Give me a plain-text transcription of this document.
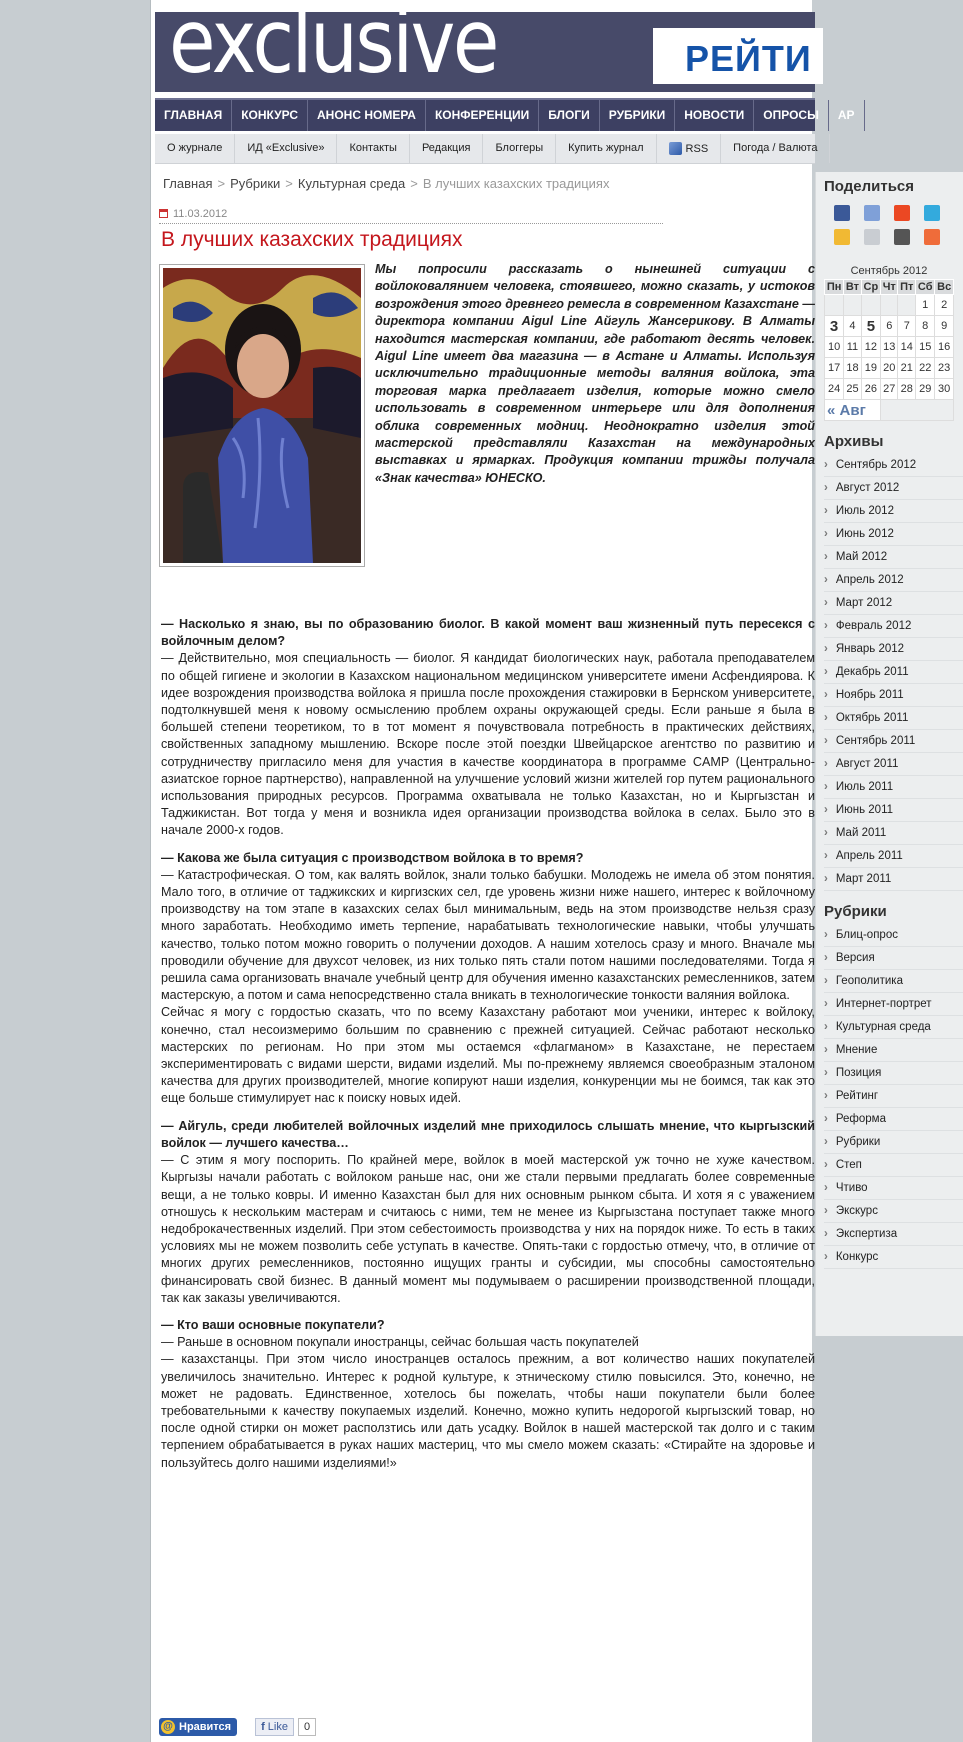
exclusive	РЕЙТИ
ГЛАВНАЯ	КОНКУРС	АНОНС НОМЕРА	КОНФЕРЕНЦИИ	БЛОГИ	РУБРИКИ	НОВОСТИ	ОПРОСЫ	АР
О журнале	ИД «Exclusive»	Контакты	Редакция	Блоггеры	Купить журнал	RSS	Погода / Валюта
Главная > Рубрики > Культурная среда > В лучших казахских традициях
11.03.2012
В лучших казахских традициях
Мы попросили рассказать о нынешней ситуации с войлоковалянием человека, стоявшего, можно сказать, у истоков возрождения этого древнего ремесла в современном Казахстане — директора компании Aigul Line Айгуль Жансерикову. В Алматы находится мастерская компании, где работают десять человек. Aigul Line имеет два магазина — в Астане и Алматы. Используя исключительно традиционные методы валяния войлока, эта торговая марка предлагает изделия, которые можно смело использовать в современном интерьере или для дополнения облика современных модниц. Неоднократно изделия этой мастерской представляли Казахстан на международных выставках и ярмарках. Продукция компании трижды получала «Знак качества» ЮНЕСКО.

— Насколько я знаю, вы по образованию биолог. В какой момент ваш жизненный путь пересекся с войлочным делом?

— Действительно, моя специальность — биолог. Я кандидат биологических наук, работала преподавателем по общей гигиене и экологии в Казахском национальном медицинском университете имени Асфендиярова. К идее возрождения производства войлока я пришла после прохождения стажировки в Бернском университете, подтолкнувшей меня к новому осмыслению проблем охраны окружающей среды. Если раньше я была в большей степени теоретиком, то в тот момент я почувствовала потребность в практических действиях, свойственных западному мышлению. Вскоре после этой поездки Швейцарское агентство по развитию и сотрудничеству пригласило меня для участия в качестве координатора в программе CAMP (Центрально-азиатское горное партнерство), направленной на улучшение условий жизни жителей гор путем рационального использования природных ресурсов. Программа охватывала не только Казахстан, но и Кыргызстан и Таджикистан. Вот тогда у меня и возникла идея организации производства войлока в селах. Было это в начале 2000-х годов.

— Какова же была ситуация с производством войлока в то время?

— Катастрофическая. О том, как валять войлок, знали только бабушки. Молодежь не имела об этом понятия. Мало того, в отличие от таджикских и киргизских сел, где уровень жизни ниже нашего, интерес к войлочному производству на том этапе в казахских селах был минимальным, ведь на этом производстве нельзя сразу много заработать. Необходимо иметь терпение, нарабатывать технологические навыки, чтобы улучшать качество, только потом можно говорить о получении доходов. А нашим хотелось сразу и много. Вначале мы проводили обучение для двухсот человек, из них только пять стали потом нашими последователями. Тогда я решила сама организовать вначале учебный центр для обучения именно казахстанских ремесленников, затем мастерскую, а потом и сама непосредственно стала вникать в технологические тонкости валяния войлока.

Сейчас я могу с гордостью сказать, что по всему Казахстану работают мои ученики, интерес к войлоку, конечно, стал несоизмеримо большим по сравнению с прежней ситуацией. Сейчас работают несколько мастерских по регионам. Но при этом мы остаемся «флагманом» в Казахстане, не перестаем экспериментировать с видами шерсти, видами изделий. Мы по-прежнему являемся своеобразным эталоном качества для других производителей, многие копируют наши изделия, конкуренции мы не боимся, так как это еще больше стимулирует нас к поиску новых идей.

— Айгуль, среди любителей войлочных изделий мне приходилось слышать мнение, что кыргызский войлок — лучшего качества…

— С этим я могу поспорить. По крайней мере, войлок в моей мастерской уж точно не хуже качеством. Кыргызы начали работать с войлоком раньше нас, они же стали первыми предлагать более современные вещи, а не только ковры. И именно Казахстан был для них основным рынком сбыта. И хотя я с уважением отношусь к нескольким мастерам и считаюсь с ними, тем не менее из Кыргызстана поступает также много недоброкачественных изделий. При этом себестоимость производства у них на порядок ниже. То есть в таких условиях мы не можем позволить себе уступать в качестве. Опять-таки с гордостью отмечу, что, в отличие от многих других ремесленников, постоянно ищущих гранты и субсидии, мы способны самостоятельно финансировать свой бизнес. В данный момент мы подумываем о расширении производственной площади, так как заказы увеличиваются.

— Кто ваши основные покупатели?

— Раньше в основном покупали иностранцы, сейчас большая часть покупателей

— казахстанцы. При этом число иностранцев осталось прежним, а вот количество наших покупателей увеличилось значительно. Интерес к родной культуре, к этническому стилю повысился. Это, конечно, не может не радовать. Единственное, хотелось бы пожелать, чтобы наши покупатели были более требовательными к качеству покупаемых изделий. Конечно, можно купить недорогой кыргызский товар, но после одной стирки он может расползтись или дать усадку. Войлок в нашей мастерской так долго и с таким терпением обрабатывается в руках наших мастериц, что мы смело можем сказать: «Стирайте на здоровье и пользуйтесь долго нашими изделиями!»

@ Нравится	f Like	0
Поделиться
Сентябрь 2012
Пн	Вт	Ср	Чт	Пт	Сб	Вс
					1	2
3	4	5	6	7	8	9
10	11	12	13	14	15	16
17	18	19	20	21	22	23
24	25	26	27	28	29	30
« Авг						
Архивы
› Сентябрь 2012
› Август 2012
› Июль 2012
› Июнь 2012
› Май 2012
› Апрель 2012
› Март 2012
› Февраль 2012
› Январь 2012
› Декабрь 2011
› Ноябрь 2011
› Октябрь 2011
› Сентябрь 2011
› Август 2011
› Июль 2011
› Июнь 2011
› Май 2011
› Апрель 2011
› Март 2011
Рубрики
› Блиц-опрос
› Версия
› Геополитика
› Интернет-портрет
› Культурная среда
› Мнение
› Позиция
› Рейтинг
› Реформа
› Рубрики
› Степ
› Чтиво
› Экскурс
› Экспертиза
› Конкурс
